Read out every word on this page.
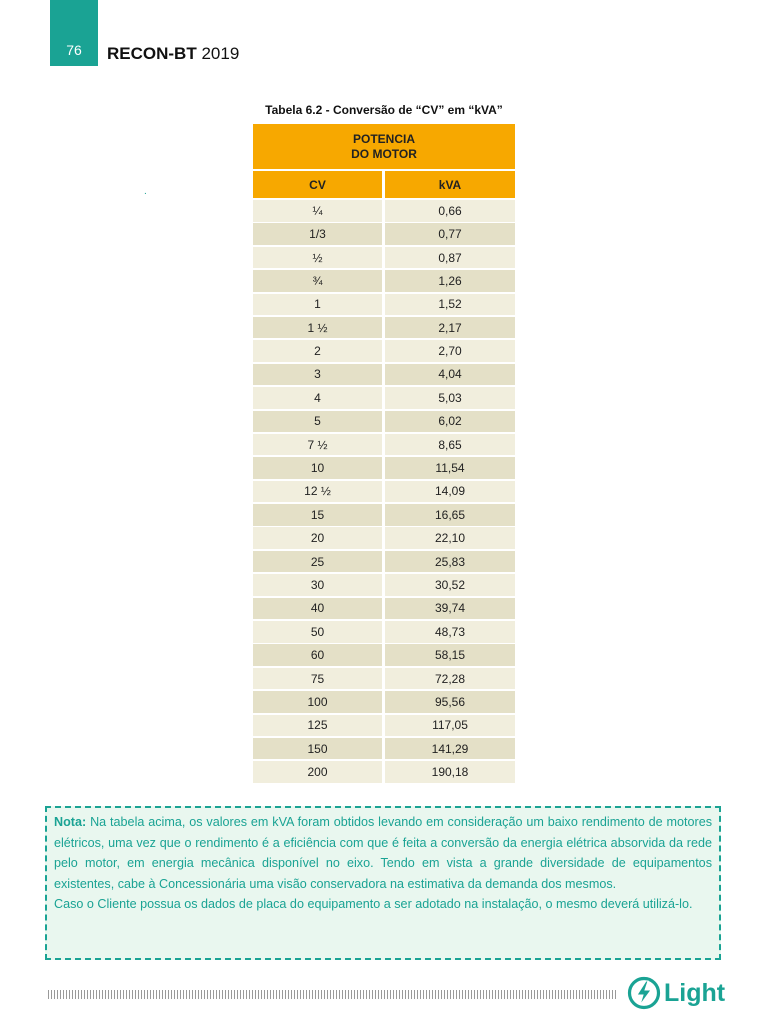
76 RECON-BT 2019
Tabela 6.2 - Conversão de “CV” em “kVA”
.
POTENCIA
DO MOTOR
CV	kVA
¼	0,66
1/3	0,77
½	0,87
¾	1,26
1	1,52
1 ½	2,17
2	2,70
3	4,04
4	5,03
5	6,02
7 ½	8,65
10	11,54
12 ½	14,09
15	16,65
20	22,10
25	25,83
30	30,52
40	39,74
50	48,73
60	58,15
75	72,28
100	95,56
125	117,05
150	141,29
200	190,18
Nota: Na tabela acima, os valores em kVA foram obtidos levando em consideração um baixo rendimento de motores elétricos, uma vez que o rendimento é a eficiência com que é feita a conversão da energia elétrica absorvida da rede pelo motor, em energia mecânica disponível no eixo. Tendo em vista a grande diversidade de equipamentos existentes, cabe à Concessionária uma visão conservadora na estimativa da demanda dos mesmos.
Caso o Cliente possua os dados de placa do equipamento a ser adotado na instalação, o mesmo deverá utilizá-lo.
Light
